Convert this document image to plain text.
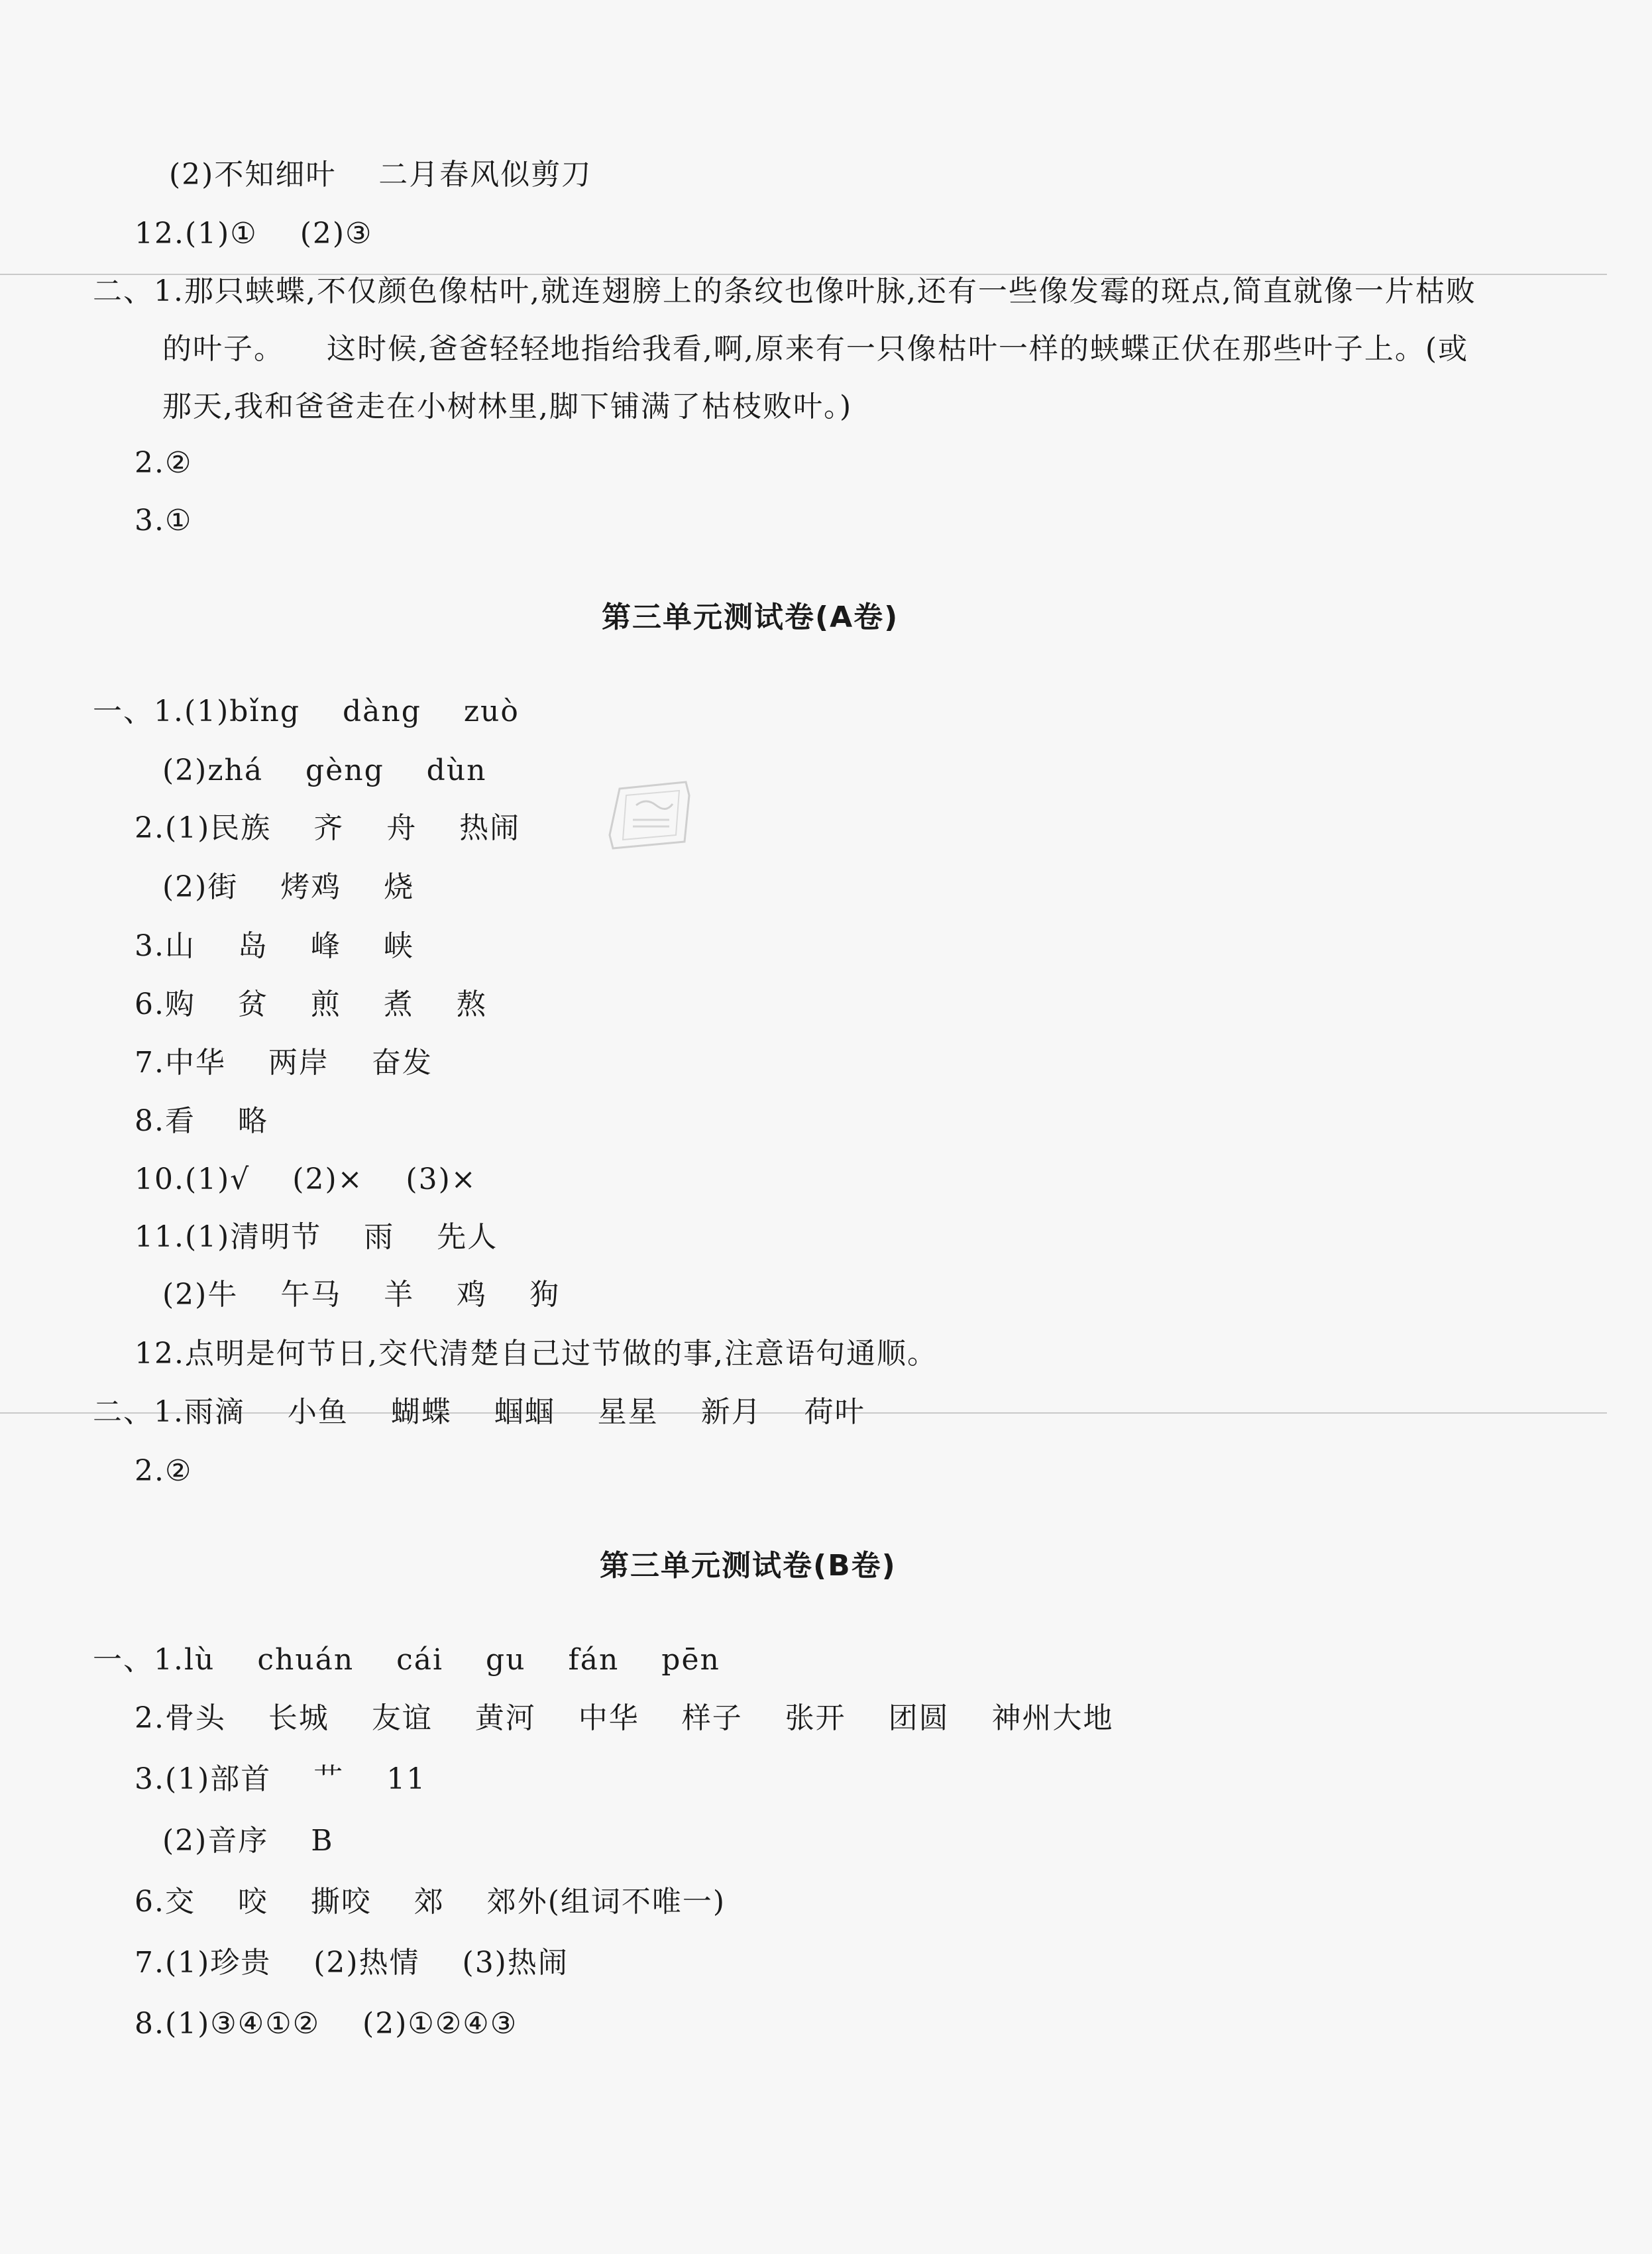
(2)不知细叶    二月春风似剪刀
12.(1)①    (2)③
二、1.那只蛱蝶,不仅颜色像枯叶,就连翅膀上的条纹也像叶脉,还有一些像发霉的斑点,简直就像一片枯败
的叶子。    这时候,爸爸轻轻地指给我看,啊,原来有一只像枯叶一样的蛱蝶正伏在那些叶子上。(或
那天,我和爸爸走在小树林里,脚下铺满了枯枝败叶。)
2.②
3.①
第三单元测试卷(A卷)
一、1.(1)bǐng    dàng    zuò
(2)zhá    gèng    dùn
2.(1)民族    齐    舟    热闹
(2)街    烤鸡    烧
3.山    岛    峰    峡
6.购    贫    煎    煮    熬
7.中华    两岸    奋发
8.看    略
10.(1)√    (2)×    (3)×
11.(1)清明节    雨    先人
(2)牛    午马    羊    鸡    狗
12.点明是何节日,交代清楚自己过节做的事,注意语句通顺。
二、1.雨滴    小鱼    蝴蝶    蝈蝈    星星    新月    荷叶
2.②
第三单元测试卷(B卷)
一、1.lù    chuán    cái    gu    fán    pēn
2.骨头    长城    友谊    黄河    中华    样子    张开    团圆    神州大地
3.(1)部首    艹    11
(2)音序    B
6.交    咬    撕咬    郊    郊外(组词不唯一)
7.(1)珍贵    (2)热情    (3)热闹
8.(1)③④①②    (2)①②④③
